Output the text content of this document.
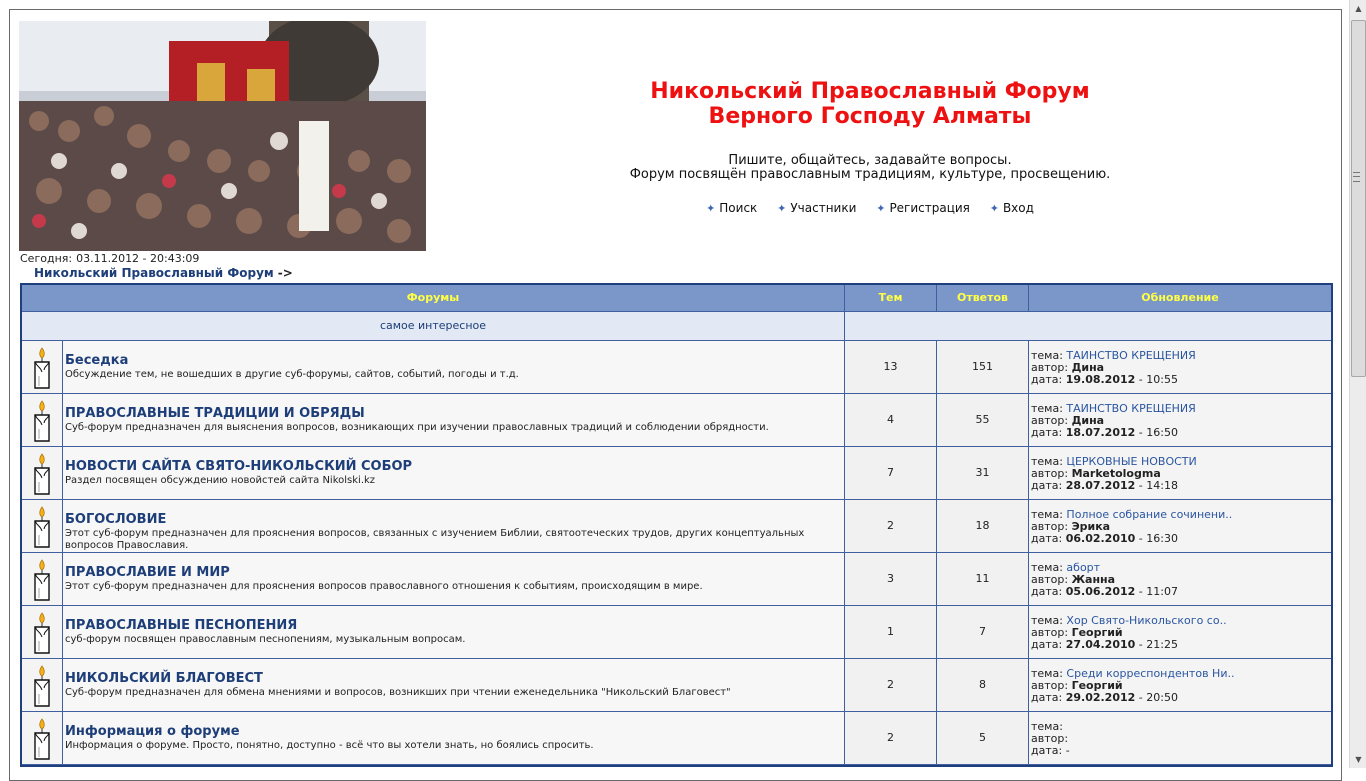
Сегодня: 03.11.2012 - 20:43:09
Никольский Православный Форум ->
Никольский Православный Форум
Верного Господу Алматы
Пишите, общайтесь, задавайте вопросы.
Форум посвящён православным традициям, культуре, просвещению.
✦ Поиск ✦ Участники ✦ Регистрация ✦ Вход
Форумы	Тем	Ответов	Обновление
самое интересное
Беседка
Обсуждение тем, не вошедших в другие суб-форумы, сайтов, событий, погоды и т.д.
13	151
тема: ТАИНСТВО КРЕЩЕНИЯ
автор: Дина
дата: 19.08.2012 - 10:55
ПРАВОСЛАВНЫЕ ТРАДИЦИИ И ОБРЯДЫ
Суб-форум предназначен для выяснения вопросов, возникающих при изучении православных традиций и соблюдении обрядности.
4	55
тема: ТАИНСТВО КРЕЩЕНИЯ
автор: Дина
дата: 18.07.2012 - 16:50
НОВОСТИ САЙТА СВЯТО-НИКОЛЬСКИЙ СОБОР
Раздел посвящен обсуждению новойстей сайта Nikolski.kz
7	31
тема: ЦЕРКОВНЫЕ НОВОСТИ
автор: Marketologma
дата: 28.07.2012 - 14:18
БОГОСЛОВИЕ
Этот суб-форум предназначен для прояснения вопросов, связанных с изучением Библии, святоотеческих трудов, других концептуальных вопросов Православия.
2	18
тема: Полное собрание сочинени..
автор: Эрика
дата: 06.02.2010 - 16:30
ПРАВОСЛАВИЕ И МИР
Этот суб-форум предназначен для прояснения вопросов православного отношения к событиям, происходящим в мире.
3	11
тема: аборт
автор: Жанна
дата: 05.06.2012 - 11:07
ПРАВОСЛАВНЫЕ ПЕСНОПЕНИЯ
суб-форум посвящен православным песнопениям, музыкальным вопросам.
1	7
тема: Хор Свято-Никольского со..
автор: Георгий
дата: 27.04.2010 - 21:25
НИКОЛЬСКИЙ БЛАГОВЕСТ
Суб-форум предназначен для обмена мнениями и вопросов, возникших при чтении еженедельника "Никольский Благовест"
2	8
тема: Среди корреспондентов Ни..
автор: Георгий
дата: 29.02.2012 - 20:50
Информация о форуме
Информация о форуме. Просто, понятно, доступно - всё что вы хотели знать, но боялись спросить.
2	5
тема:
автор:
дата: -
▲
▼
